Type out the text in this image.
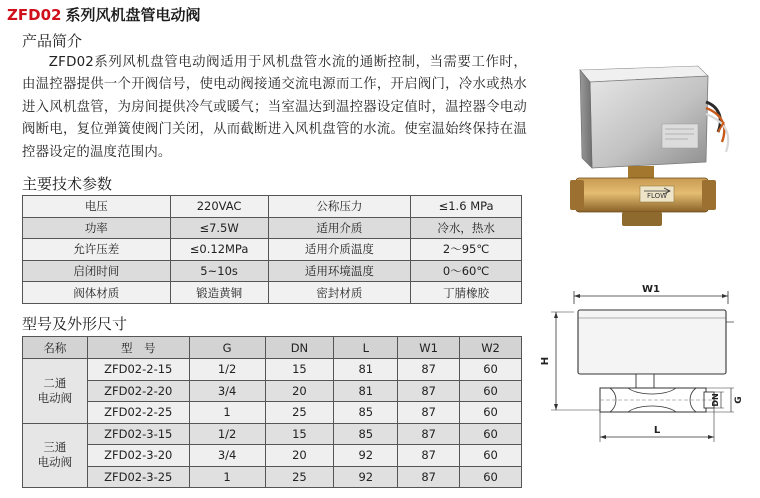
ZFD02 系列风机盘管电动阀
产品简介
ZFD02系列风机盘管电动阀适用于风机盘管水流的通断控制，当需要工作时，由温控器提供一个开阀信号，使电动阀接通交流电源而工作，开启阀门，冷水或热水进入风机盘管，为房间提供冷气或暖气；当室温达到温控器设定值时，温控器令电动阀断电，复位弹簧使阀门关闭，从而截断进入风机盘管的水流。使室温始终保持在温控器设定的温度范围内。
主要技术参数
电压	220VAC	公称压力	≤1.6 MPa
功率	≤7.5W	适用介质	冷水，热水
允许压差	≤0.12MPa	适用介质温度	2～95℃
启闭时间	5~10s	适用环境温度	0～60℃
阀体材质	锻造黄铜	密封材质	丁腈橡胶
型号及外形尺寸
名称	型　号	G	DN	L	W1	W2

二通
电动阀	ZFD02-2-15	1/2	15	81	87	60
	ZFD02-2-20	3/4	20	81	87	60
	ZFD02-2-25	1	25	85	87	60

三通
电动阀	ZFD02-3-15	1/2	15	85	87	60
	ZFD02-3-20	3/4	20	92	87	60
	ZFD02-3-25	1	25	92	87	60
FLOW
W1
H
DN G
L
